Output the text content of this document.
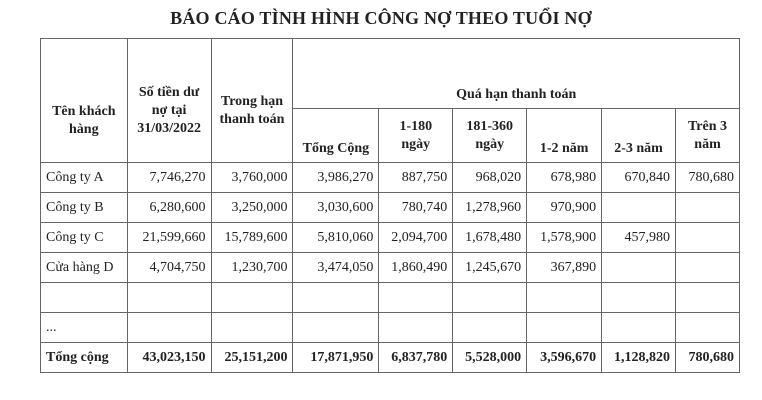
BÁO CÁO TÌNH HÌNH CÔNG NỢ THEO TUỔI NỢ
Tên khách hàng	Số tiền dư nợ tại 31/03/2022	Trong hạn thanh toán	Quá hạn thanh toán					
			Tổng Cộng	1-180 ngày	181-360 ngày	1-2 năm	2-3 năm	Trên 3 năm
Công ty A	7,746,270	3,760,000	3,986,270	887,750	968,020	678,980	670,840	780,680
Công ty B	6,280,600	3,250,000	3,030,600	780,740	1,278,960	970,900		
Công ty C	21,599,660	15,789,600	5,810,060	2,094,700	1,678,480	1,578,900	457,980	
Cửa hàng D	4,704,750	1,230,700	3,474,050	1,860,490	1,245,670	367,890		

...								
Tổng cộng	43,023,150	25,151,200	17,871,950	6,837,780	5,528,000	3,596,670	1,128,820	780,680
